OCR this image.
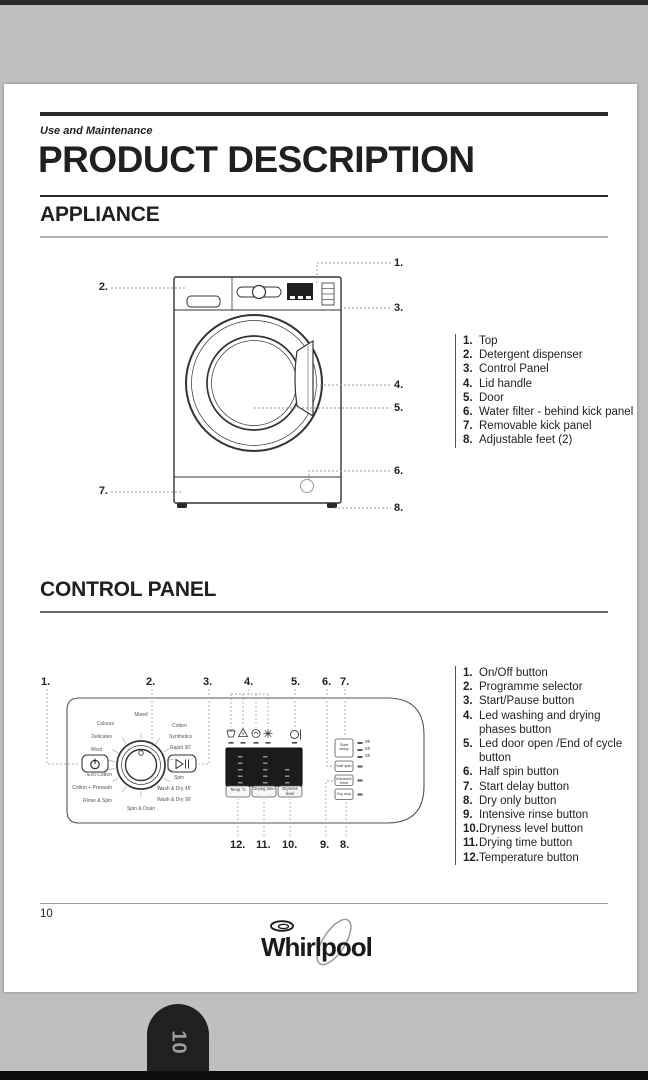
Use and Maintenance
PRODUCT DESCRIPTION
APPLIANCE
CONTROL PANEL
Whirlpool
1.
2.
3.
4.
5.
6.
7.
8.
1. Top
2. Detergent dispenser
3. Control Panel
4. Lid handle
5. Door
6. Water filter - behind kick panel
7. Removable kick panel
8. Adjustable feet (2)
1.	2.	3.	4.	5. 6. 7.
12. 11. 10. 9. 8.
Mixed
Colours
Delicates
Wool
Eco Cotton
Cotton + Prewash
Rinse & Spin
Spin & Drain
Cotton
Synthetics
Rapid 30'
Spin
Wash & Dry 45'
Wash & Dry 90'
Temp °C	Drying time	Dryness level
Start delay
Half spin
Intensive rinse
Dry only
9h
6h
3h
1. On/Off button
2. Programme selector
3. Start/Pause button
4. Led washing and drying phases button
5. Led door open /End of cycle button
6. Half spin button
7. Start delay button
8. Dry only button
9. Intensive rinse button
10.Dryness level button
11.Drying time button
12.Temperature button
10
10
